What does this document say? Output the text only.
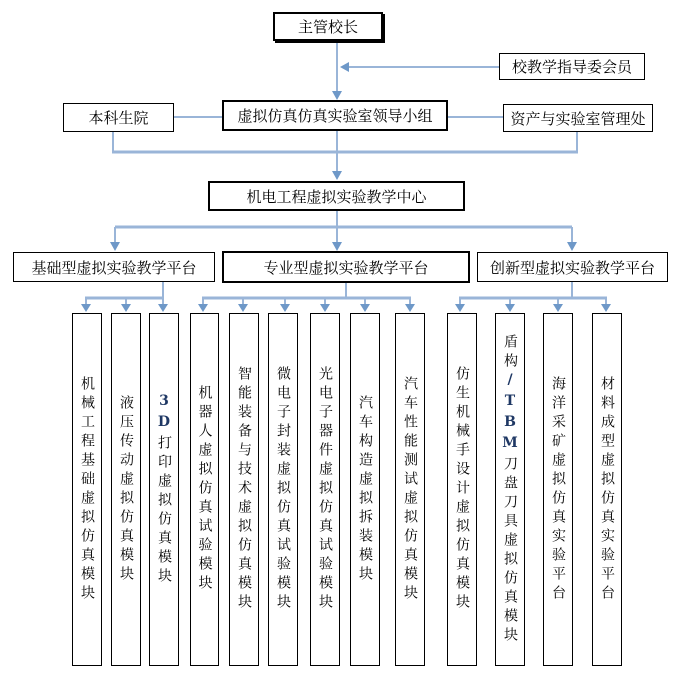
主管校长
校教学指导委会员
本科生院	虚拟仿真仿真实验室领导小组	资产与实验室管理处
机电工程虚拟实验教学中心
基础型虚拟实验教学平台	专业型虚拟实验教学平台	创新型虚拟实验教学平台
机械工程基础虚拟仿真模块 液压传动虚拟仿真模块 3D打印虚拟仿真模块 机器人虚拟仿真试验模块 智能装备与技术虚拟仿真模块 微电子封装虚拟仿真试验模块 光电子器件虚拟仿真试验模块 汽车构造虚拟拆装模块 汽车性能测试虚拟仿真模块	仿生机械手设计虚拟仿真模块
盾构/TBM刀盘刀具虚拟仿真模块 海洋采矿虚拟仿真实验平台 材料成型虚拟仿真实验平台
